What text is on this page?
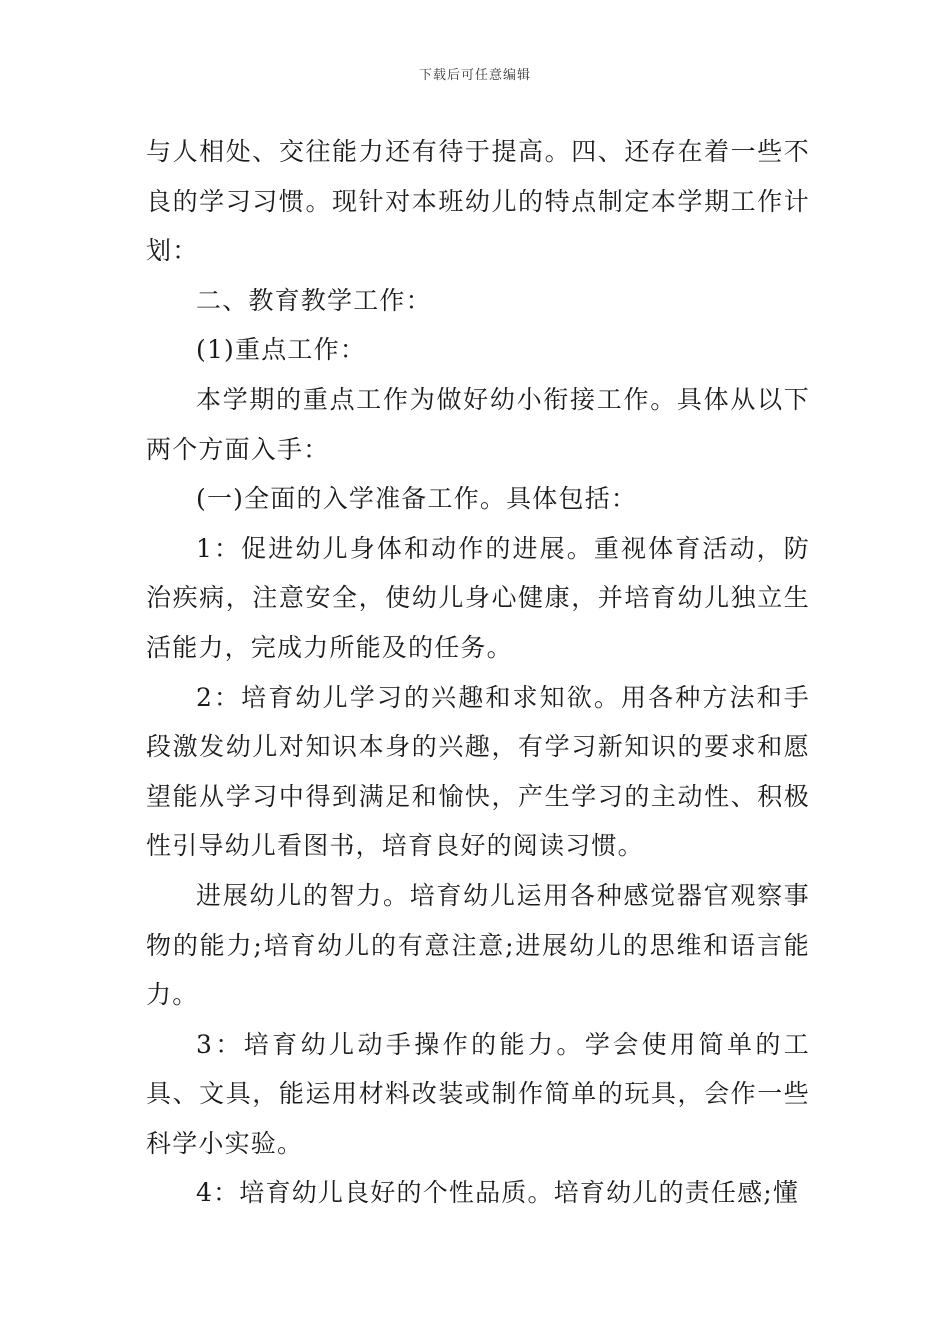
下载后可任意编辑

与人相处、交往能力还有待于提高。四、还存在着一些不良的学习习惯。现针对本班幼儿的特点制定本学期工作计划：

二、教育教学工作：

(1)重点工作：

本学期的重点工作为做好幼小衔接工作。具体从以下两个方面入手：

(一)全面的入学准备工作。具体包括：

1：促进幼儿身体和动作的进展。重视体育活动，防治疾病，注意安全，使幼儿身心健康，并培育幼儿独立生活能力，完成力所能及的任务。

2：培育幼儿学习的兴趣和求知欲。用各种方法和手段激发幼儿对知识本身的兴趣，有学习新知识的要求和愿望能从学习中得到满足和愉快，产生学习的主动性、积极性引导幼儿看图书，培育良好的阅读习惯。

进展幼儿的智力。培育幼儿运用各种感觉器官观察事物的能力;培育幼儿的有意注意;进展幼儿的思维和语言能力。

3：培育幼儿动手操作的能力。学会使用简单的工具、文具，能运用材料改装或制作简单的玩具，会作一些科学小实验。

4：培育幼儿良好的个性品质。培育幼儿的责任感;懂
